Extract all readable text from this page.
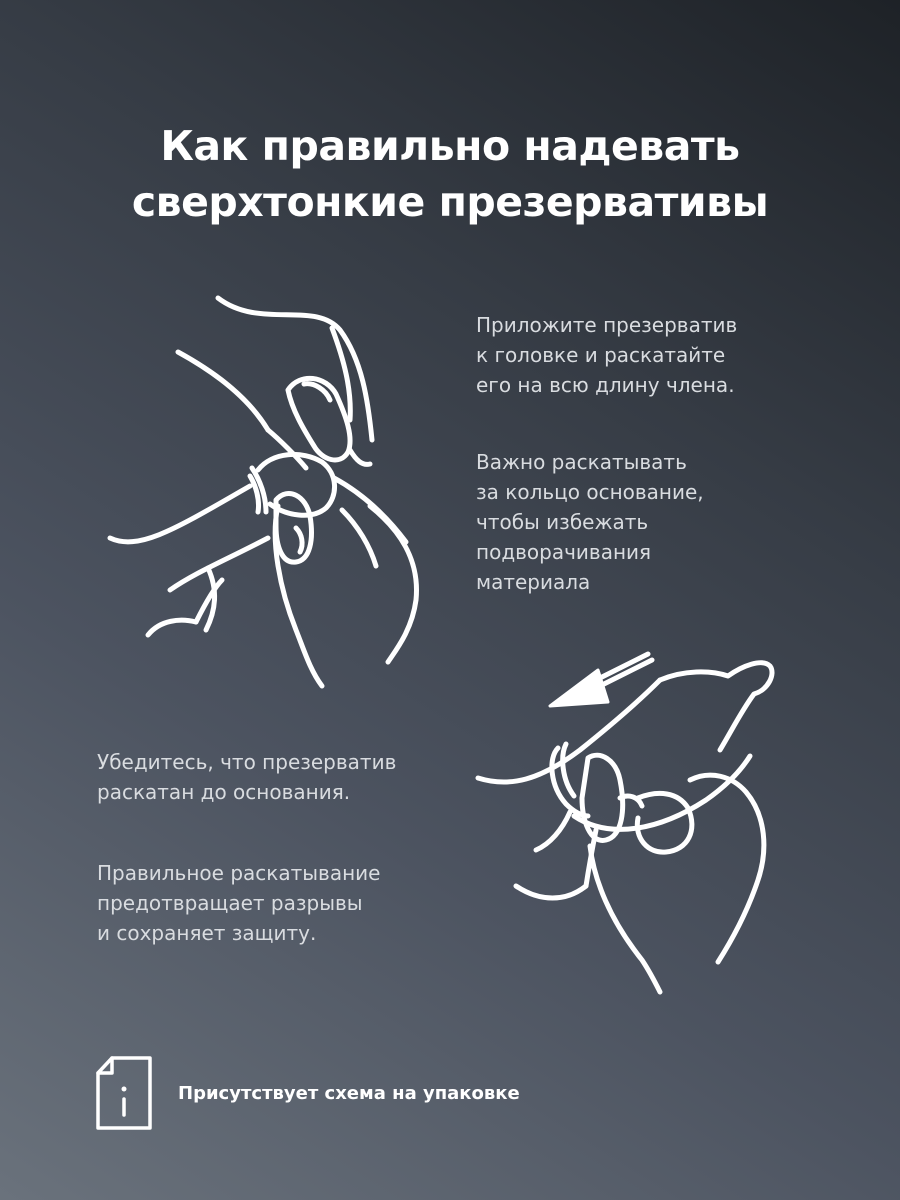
Как правильно надевать
сверхтонкие презервативы
Приложите презерватив
к головке и раскатайте
его на всю длину члена.
Важно раскатывать
за кольцо основание,
чтобы избежать
подворачивания
материала
Убедитесь, что презерватив
раскатан до основания.
Правильное раскатывание
предотвращает разрывы
и сохраняет защиту.
Присутствует схема на упаковке
